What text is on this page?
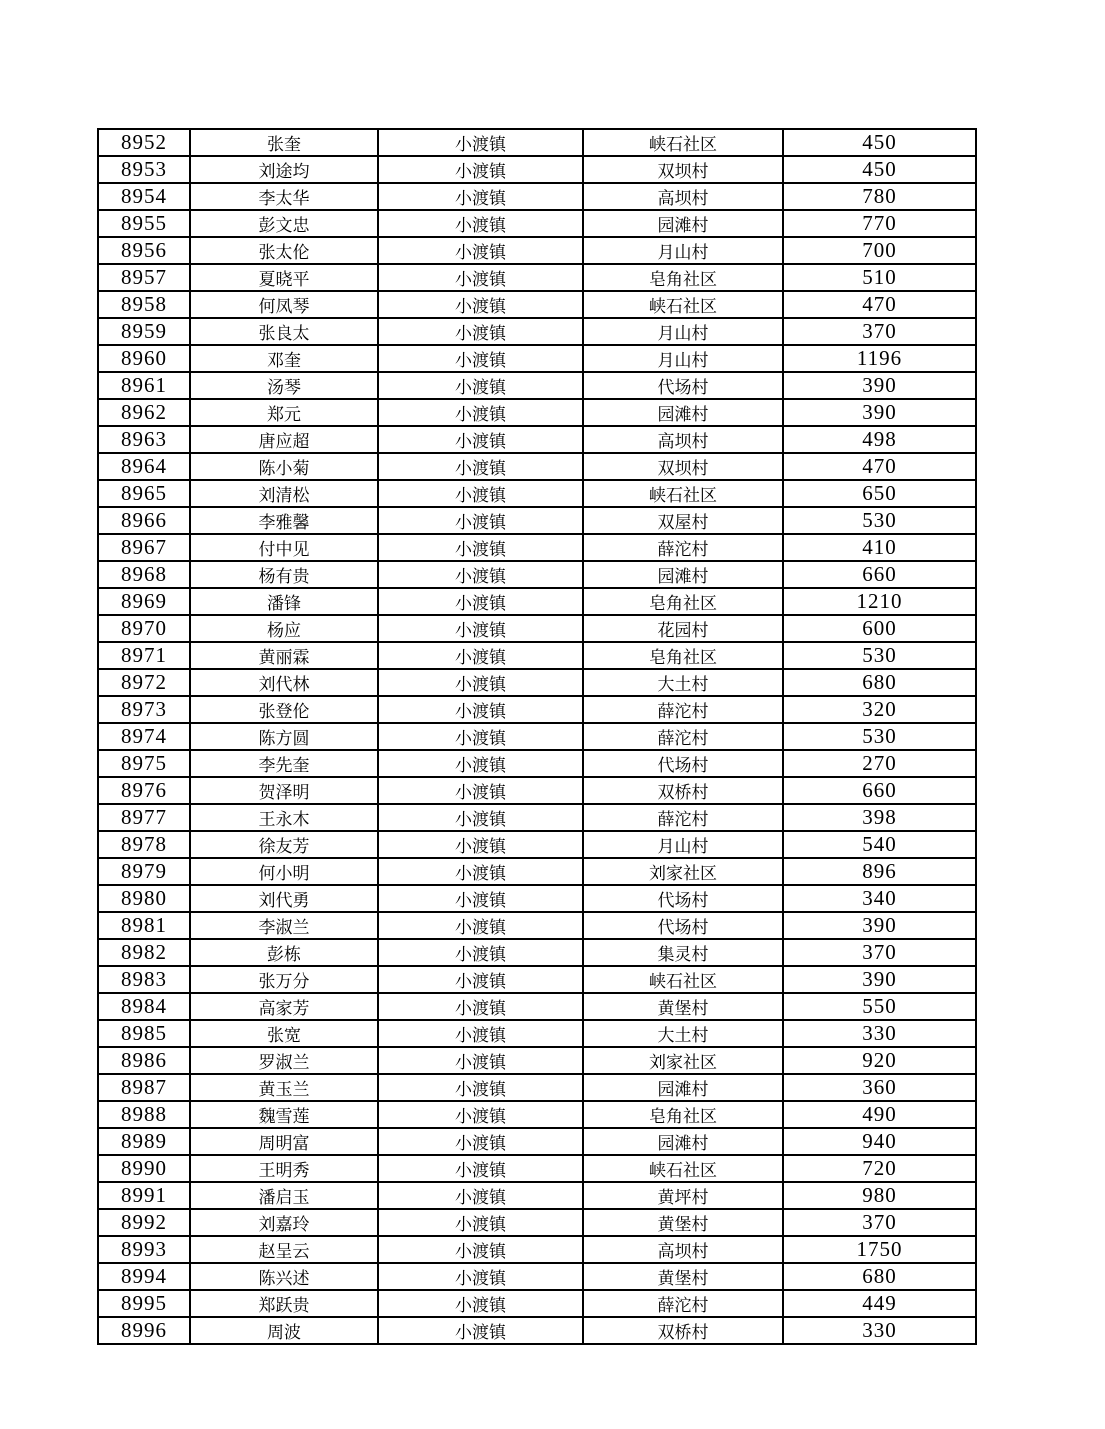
8952	张奎	小渡镇	峡石社区	450
8953	刘途均	小渡镇	双坝村	450
8954	李太华	小渡镇	高坝村	780
8955	彭文忠	小渡镇	园滩村	770
8956	张太伦	小渡镇	月山村	700
8957	夏晓平	小渡镇	皂角社区	510
8958	何凤琴	小渡镇	峡石社区	470
8959	张良太	小渡镇	月山村	370
8960	邓奎	小渡镇	月山村	1196
8961	汤琴	小渡镇	代场村	390
8962	郑元	小渡镇	园滩村	390
8963	唐应超	小渡镇	高坝村	498
8964	陈小菊	小渡镇	双坝村	470
8965	刘清松	小渡镇	峡石社区	650
8966	李雅馨	小渡镇	双屋村	530
8967	付中见	小渡镇	薛沱村	410
8968	杨有贵	小渡镇	园滩村	660
8969	潘锋	小渡镇	皂角社区	1210
8970	杨应	小渡镇	花园村	600
8971	黄丽霖	小渡镇	皂角社区	530
8972	刘代林	小渡镇	大土村	680
8973	张登伦	小渡镇	薛沱村	320
8974	陈方圆	小渡镇	薛沱村	530
8975	李先奎	小渡镇	代场村	270
8976	贺泽明	小渡镇	双桥村	660
8977	王永木	小渡镇	薛沱村	398
8978	徐友芳	小渡镇	月山村	540
8979	何小明	小渡镇	刘家社区	896
8980	刘代勇	小渡镇	代场村	340
8981	李淑兰	小渡镇	代场村	390
8982	彭栋	小渡镇	集灵村	370
8983	张万分	小渡镇	峡石社区	390
8984	高家芳	小渡镇	黄堡村	550
8985	张宽	小渡镇	大土村	330
8986	罗淑兰	小渡镇	刘家社区	920
8987	黄玉兰	小渡镇	园滩村	360
8988	魏雪莲	小渡镇	皂角社区	490
8989	周明富	小渡镇	园滩村	940
8990	王明秀	小渡镇	峡石社区	720
8991	潘启玉	小渡镇	黄坪村	980
8992	刘嘉玲	小渡镇	黄堡村	370
8993	赵呈云	小渡镇	高坝村	1750
8994	陈兴述	小渡镇	黄堡村	680
8995	郑跃贵	小渡镇	薛沱村	449
8996	周波	小渡镇	双桥村	330
